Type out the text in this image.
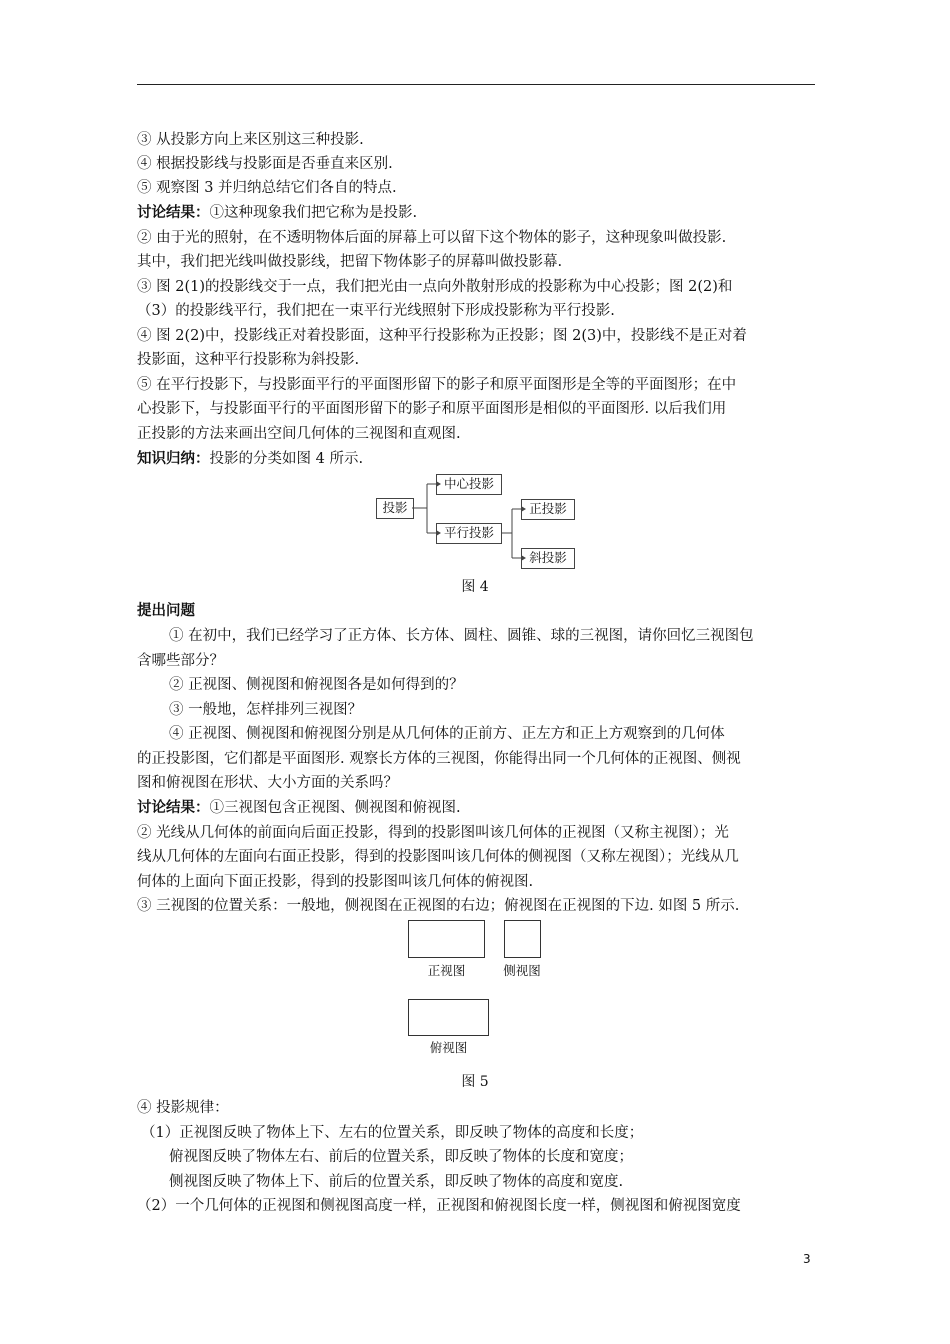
③ 从投影方向上来区别这三种投影.
④ 根据投影线与投影面是否垂直来区别.
⑤ 观察图 3 并归纳总结它们各自的特点.
讨论结果：①这种现象我们把它称为是投影.
② 由于光的照射，在不透明物体后面的屏幕上可以留下这个物体的影子，这种现象叫做投影.
其中，我们把光线叫做投影线，把留下物体影子的屏幕叫做投影幕.
③ 图 2(1)的投影线交于一点，我们把光由一点向外散射形成的投影称为中心投影；图 2(2)和
（3）的投影线平行，我们把在一束平行光线照射下形成投影称为平行投影.
④ 图 2(2)中，投影线正对着投影面，这种平行投影称为正投影；图 2(3)中，投影线不是正对着
投影面，这种平行投影称为斜投影.
⑤ 在平行投影下，与投影面平行的平面图形留下的影子和原平面图形是全等的平面图形；在中
心投影下，与投影面平行的平面图形留下的影子和原平面图形是相似的平面图形. 以后我们用
正投影的方法来画出空间几何体的三视图和直观图.
知识归纳：投影的分类如图 4 所示.
投影
中心投影
平行投影
正投影
斜投影
图 4
提出问题
① 在初中，我们已经学习了正方体、长方体、圆柱、圆锥、球的三视图，请你回忆三视图包
含哪些部分？
② 正视图、侧视图和俯视图各是如何得到的？
③ 一般地，怎样排列三视图？
④ 正视图、侧视图和俯视图分别是从几何体的正前方、正左方和正上方观察到的几何体
的正投影图，它们都是平面图形. 观察长方体的三视图，你能得出同一个几何体的正视图、侧视
图和俯视图在形状、大小方面的关系吗？
讨论结果：①三视图包含正视图、侧视图和俯视图.
② 光线从几何体的前面向后面正投影，得到的投影图叫该几何体的正视图（又称主视图）；光
线从几何体的左面向右面正投影，得到的投影图叫该几何体的侧视图（又称左视图）；光线从几
何体的上面向下面正投影，得到的投影图叫该几何体的俯视图.
③ 三视图的位置关系：一般地，侧视图在正视图的右边；俯视图在正视图的下边. 如图 5 所示.
正视图	侧视图
俯视图
图 5
④ 投影规律：
（1）正视图反映了物体上下、左右的位置关系，即反映了物体的高度和长度；
俯视图反映了物体左右、前后的位置关系，即反映了物体的长度和宽度；
侧视图反映了物体上下、前后的位置关系，即反映了物体的高度和宽度.
（2）一个几何体的正视图和侧视图高度一样，正视图和俯视图长度一样，侧视图和俯视图宽度
3
